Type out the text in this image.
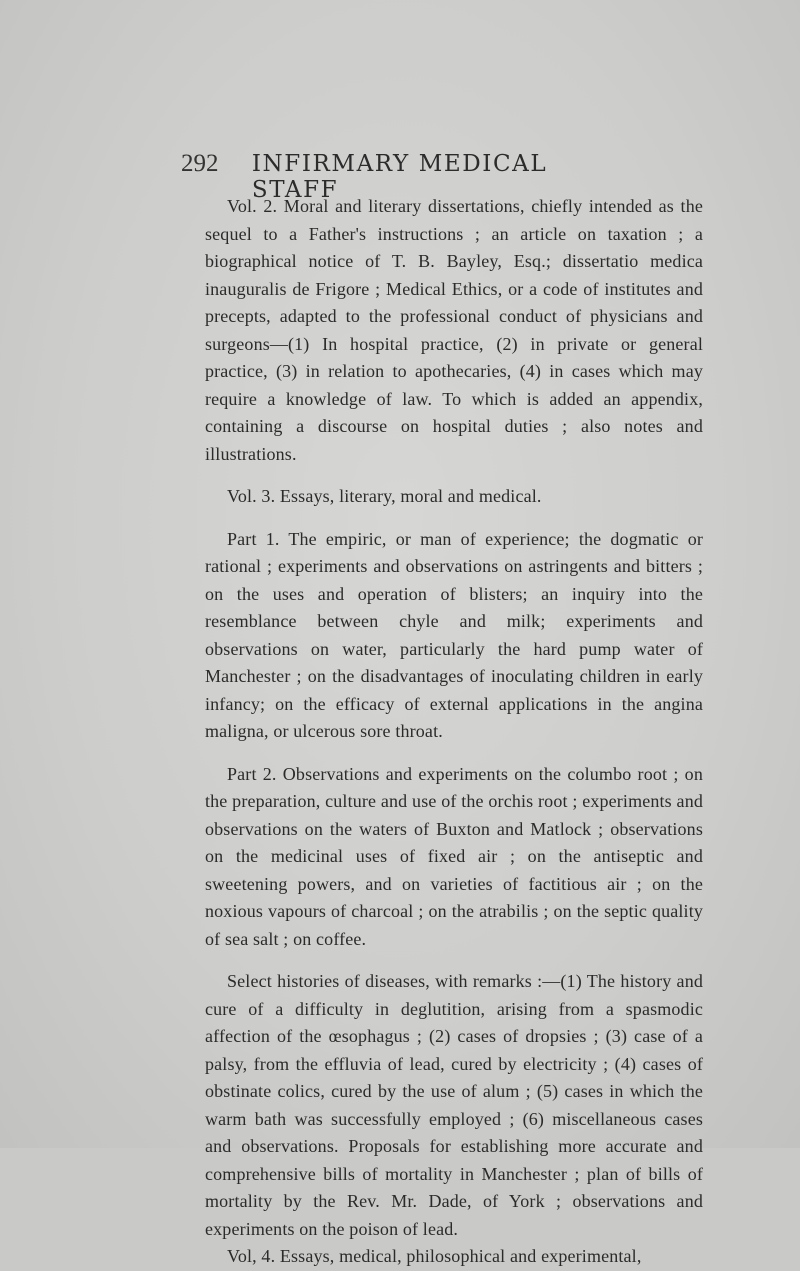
292	INFIRMARY MEDICAL STAFF

Vol. 2. Moral and literary dissertations, chiefly intended as the sequel to a Father's instructions ; an article on taxation ; a biographical notice of T. B. Bayley, Esq.; dissertatio medica inauguralis de Frigore ; Medical Ethics, or a code of institutes and precepts, adapted to the professional conduct of physicians and surgeons—(1) In hospital practice, (2) in private or general practice, (3) in relation to apothecaries, (4) in cases which may require a knowledge of law. To which is added an appendix, containing a discourse on hospital duties ; also notes and illustrations.

Vol. 3. Essays, literary, moral and medical.

Part 1. The empiric, or man of experience; the dogmatic or rational ; experiments and observations on astringents and bitters ; on the uses and operation of blisters; an inquiry into the resemblance between chyle and milk; experiments and observations on water, particularly the hard pump water of Manchester ; on the disadvantages of inoculating children in early infancy; on the efficacy of external applications in the angina maligna, or ulcerous sore throat.

Part 2. Observations and experiments on the columbo root ; on the preparation, culture and use of the orchis root ; experiments and observations on the waters of Buxton and Matlock ; observations on the medicinal uses of fixed air ; on the antiseptic and sweetening powers, and on varieties of factitious air ; on the noxious vapours of charcoal ; on the atrabilis ; on the septic quality of sea salt ; on coffee.

Select histories of diseases, with remarks :—(1) The history and cure of a difficulty in deglutition, arising from a spasmodic affection of the œsophagus ; (2) cases of dropsies ; (3) case of a palsy, from the effluvia of lead, cured by electricity ; (4) cases of obstinate colics, cured by the use of alum ; (5) cases in which the warm bath was successfully employed ; (6) miscellaneous cases and observations. Proposals for establishing more accurate and comprehensive bills of mortality in Manchester ; plan of bills of mortality by the Rev. Mr. Dade, of York ; observations and experiments on the poison of lead.

Vol, 4. Essays, medical, philosophical and experimental,
